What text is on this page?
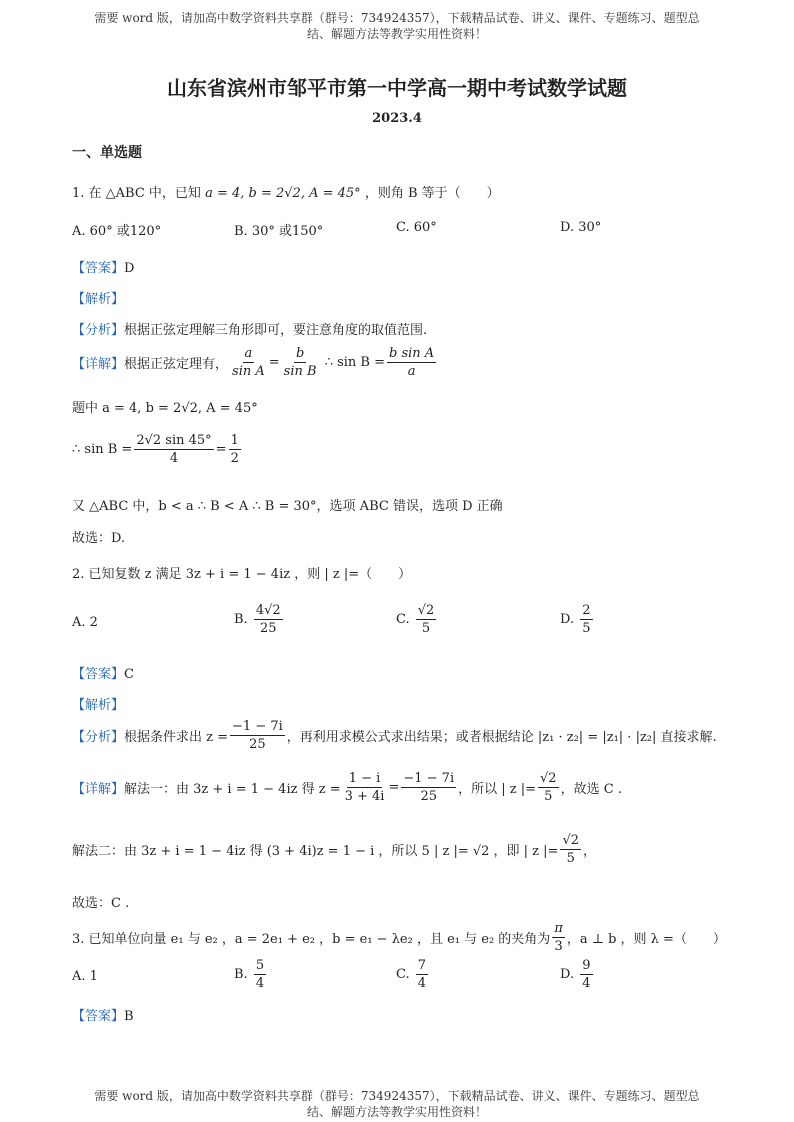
需要 word 版，请加高中数学资料共享群（群号：734924357），下载精品试卷、讲义、课件、专题练习、题型总
结、解题方法等教学实用性资料！
山东省滨州市邹平市第一中学高一期中考试数学试题
2023.4
一、单选题
1. 在 △ABC 中，已知 a = 4, b = 2√2, A = 45° ，则角 B 等于（　　）
A. 60° 或120°	B. 30° 或150°	C. 60°	D. 30°
【答案】D
【解析】
【分析】根据正弦定理解三角形即可，要注意角度的取值范围.
【详解】 根据正弦定理有， $\frac{a}{\text{sin A}} = \frac{b}{\text{sin B}}$ ∴ $\sin B = \frac{\text{b sin A}}{a}$
题中 a = 4, b = 2√2, A = 45°
∴ $\sin B = \frac{2√2 \sin 45^\circ}{4} = \frac{1}{2}$
又 △ABC 中，b < a ∴ B < A ∴ B = 30°，选项 ABC 错误，选项 D 正确
故选：D.
2. 已知复数 z 满足 3z + i = 1 − 4iz ，则 | z |=（　　）
A. 2	B.
$\frac{4√2}{25}$	C.
$\frac{√2}{5}$	D.
$\frac{2}{5}$
【答案】C
【解析】
【分析】 根据条件求出 $z = \frac{-1 - 7i}{25}$ ，再利用求模公式求出结果；或者根据结论 |z₁ · z₂| = |z₁| · |z₂| 直接求解.
【详解】 解法一：由 3z + i = 1 − 4iz 得 $z = \frac{1 - i}{3 + 4i} = \frac{-1 - 7i}{25}$ ，所以 | z |= $\frac{√2}{5}$ ，故选 C .
解法二：由 3z + i = 1 − 4iz 得 (3 + 4i)z = 1 − i ，所以 5 | z |= √2 ，即 | z |= $\frac{√2}{5}$ ，
故选：C .
3. 已知单位向量 e₁ 与 e₂ ，a = 2e₁ + e₂ ，b = e₁ − λe₂ ，且 e₁ 与 e₂ 的夹角为 $\frac{\pi}{3}$ ，a ⊥ b ，则 λ =（　　）
A. 1	B.
$\frac{5}{4}$	C.
$\frac{7}{4}$	D.
$\frac{9}{4}$
【答案】B
需要 word 版，请加高中数学资料共享群（群号：734924357），下载精品试卷、讲义、课件、专题练习、题型总
结、解题方法等教学实用性资料！
